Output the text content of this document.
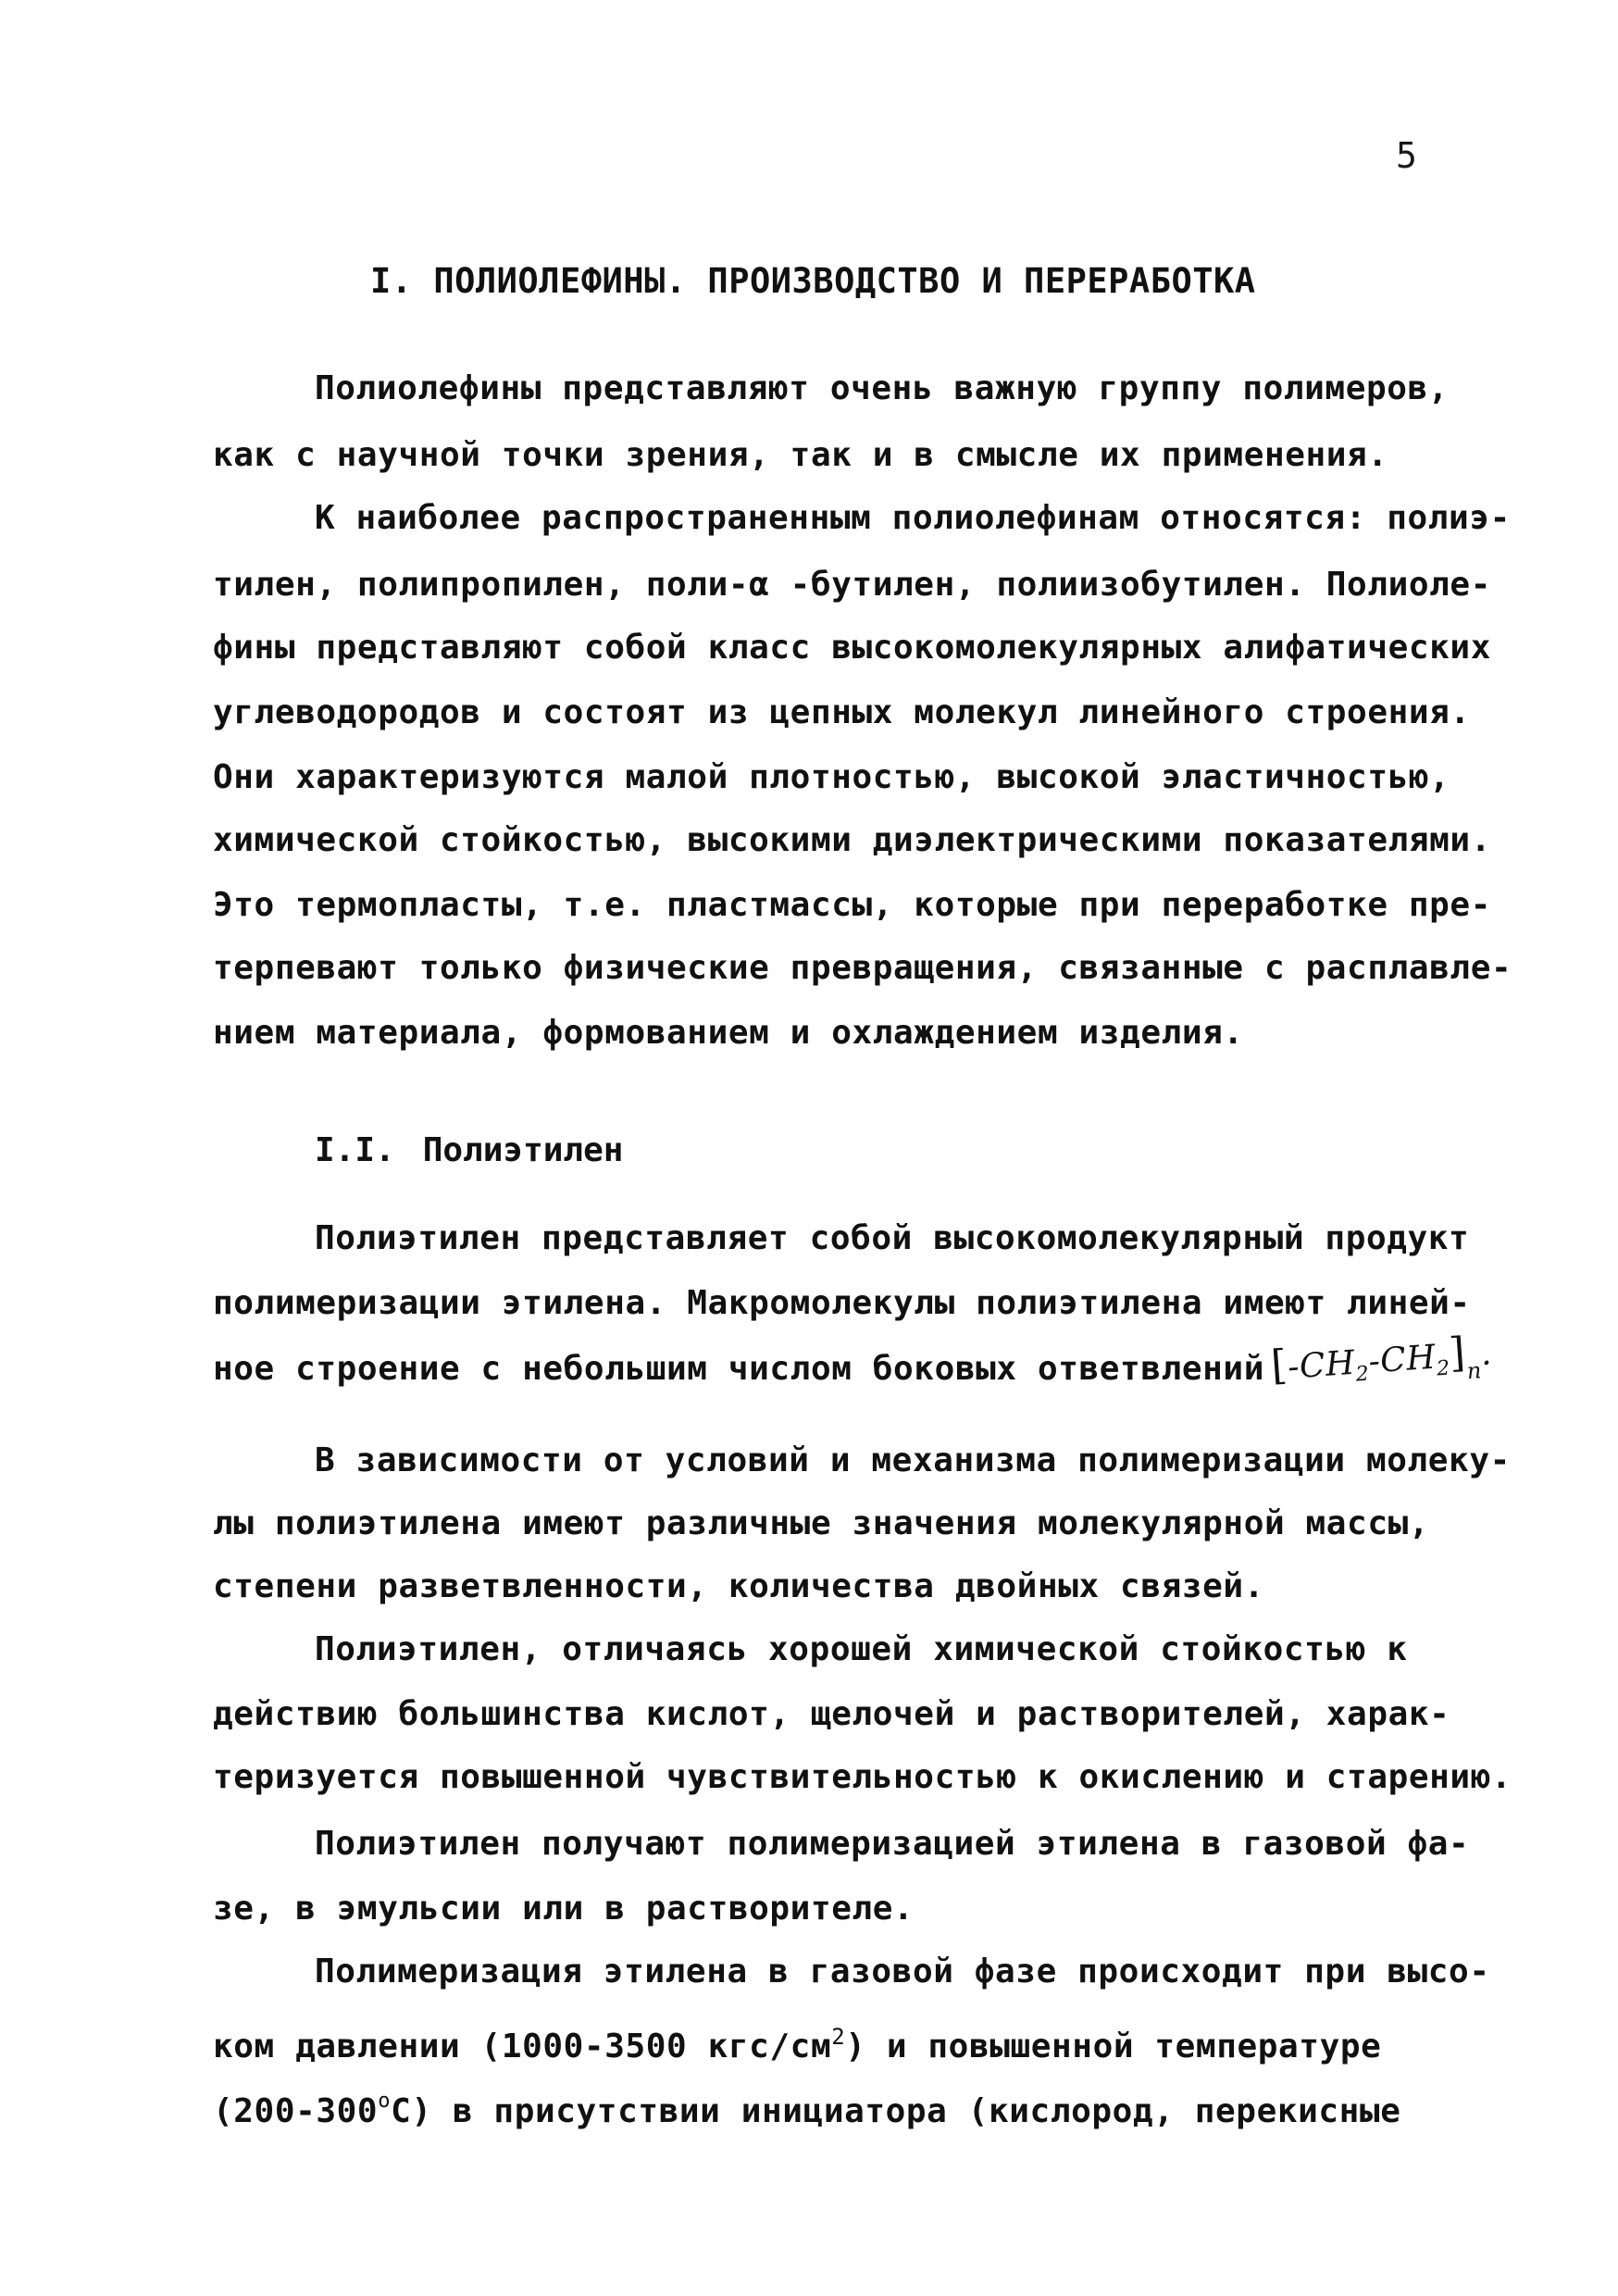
5
I. ПОЛИОЛЕФИНЫ. ПРОИЗВОДСТВО И ПЕРЕРАБОТКА
Полиолефины представляют очень важную группу полимеров,
как с научной точки зрения, так и в смысле их применения.
К наиболее распространенным полиолефинам относятся: полиэ-
тилен, полипропилен, поли-α -бутилен, полиизобутилен. Полиоле-
фины представляют собой класс высокомолекулярных алифатических
углеводородов и состоят из цепных молекул линейного строения.
Они характеризуются малой плотностью, высокой эластичностью,
химической стойкостью, высокими диэлектрическими показателями.
Это термопласты, т.е. пластмассы, которые при переработке пре-
терпевают только физические превращения, связанные с расплавле-
нием материала, формованием и охлаждением изделия.
I.I. Полиэтилен
Полиэтилен представляет собой высокомолекулярный продукт
полимеризации этилена. Макромолекулы полиэтилена имеют линей-
ное строение с небольшим числом боковых ответвлений $[-CH_2-CH_2]_n$.
В зависимости от условий и механизма полимеризации молеку-
лы полиэтилена имеют различные значения молекулярной массы,
степени разветвленности, количества двойных связей.
Полиэтилен, отличаясь хорошей химической стойкостью к
действию большинства кислот, щелочей и растворителей, харак-
теризуется повышенной чувствительностью к окислению и старению.
Полиэтилен получают полимеризацией этилена в газовой фа-
зе, в эмульсии или в растворителе.
Полимеризация этилена в газовой фазе происходит при высо-
ком давлении (1000-3500 кгс/$см^2$) и повышенной температуре
$(200-300^оС)$ в присутствии инициатора (кислород, перекисные
